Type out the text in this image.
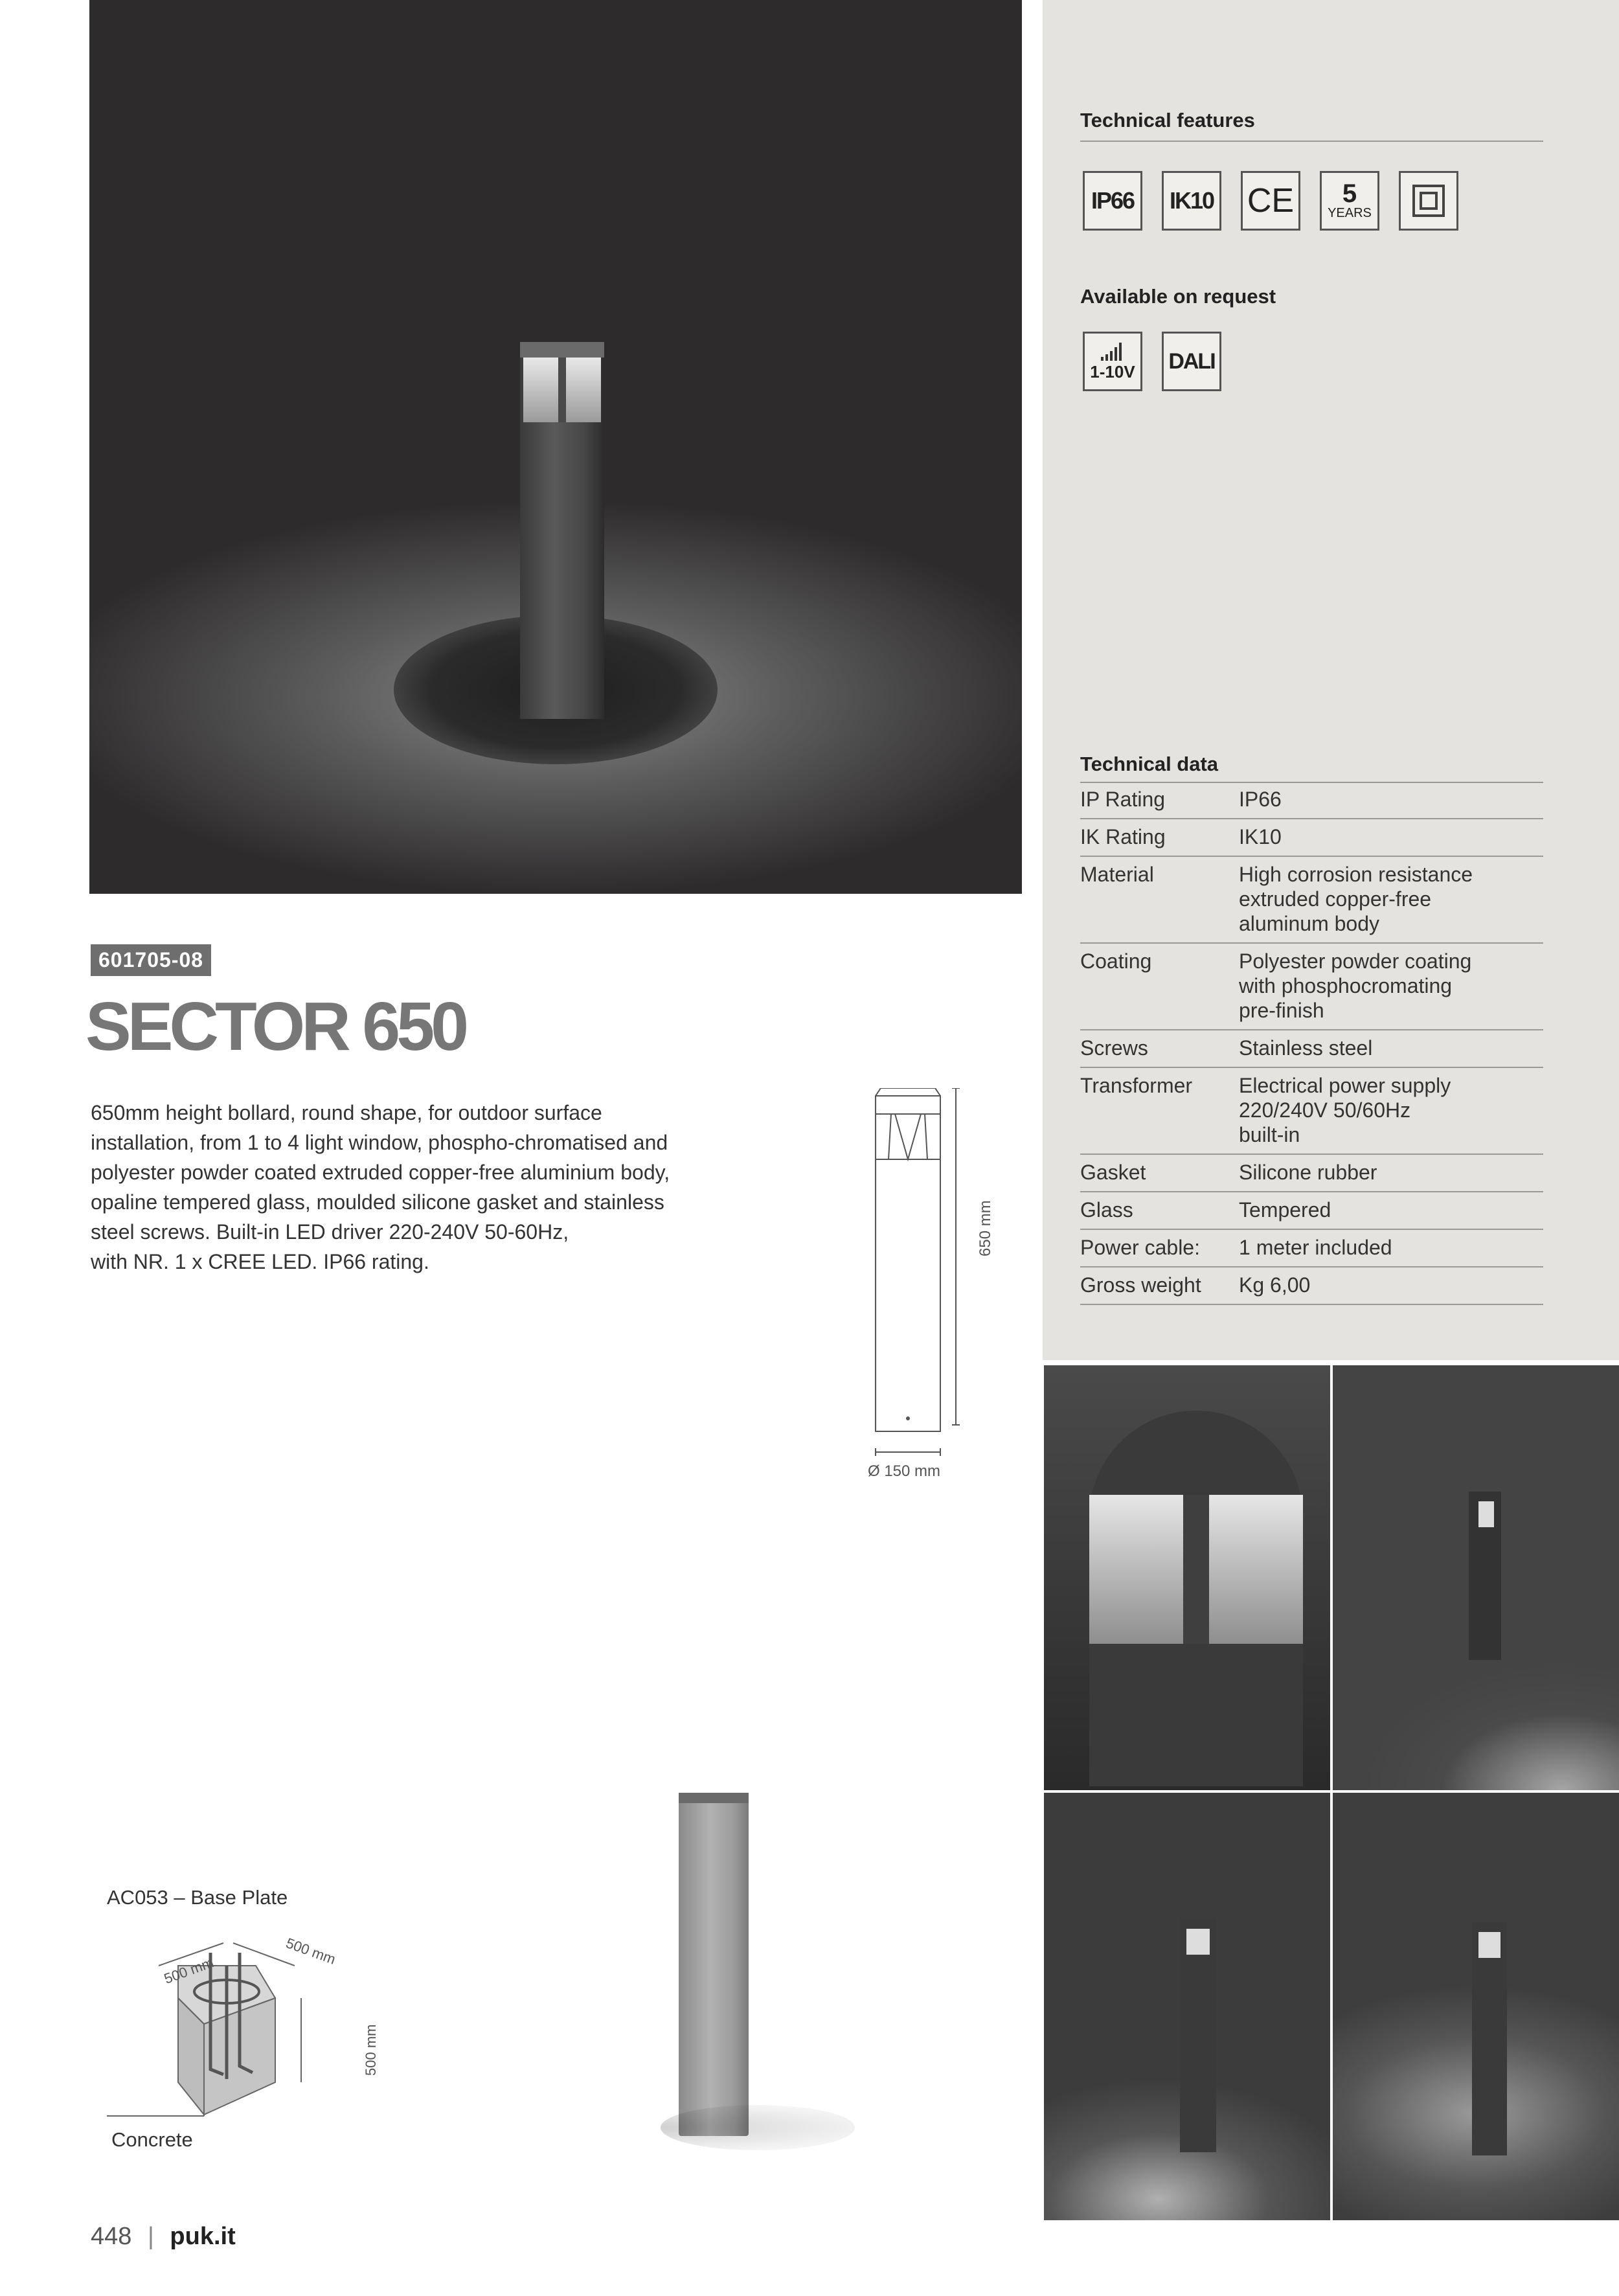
Technical features
IP66 IK10 CE 5
YEARS
Available on request
1-10V DALI
Technical data
IP Rating	IP66
IK Rating	IK10
Material	High corrosion resistance
extruded copper-free
aluminum body
Coating	Polyester powder coating
with phosphocromating
pre-finish
Screws	Stainless steel
Transformer	Electrical power supply
220/240V 50/60Hz
built-in
Gasket	Silicone rubber
Glass	Tempered
Power cable:	1 meter included
Gross weight	Kg 6,00
601705-08
SECTOR 650
650mm height bollard, round shape, for outdoor surface
installation, from 1 to 4 light window, phospho-chromatised and
polyester powder coated extruded copper-free aluminium body,
opaline tempered glass, moulded silicone gasket and stainless
steel screws. Built-in LED driver 220-240V 50-60Hz,
with NR. 1 x CREE LED. IP66 rating.
650 mm
Ø 150 mm
AC053 – Base Plate
500 mm
500 mm
500 mm
Concrete
448 | puk.it
